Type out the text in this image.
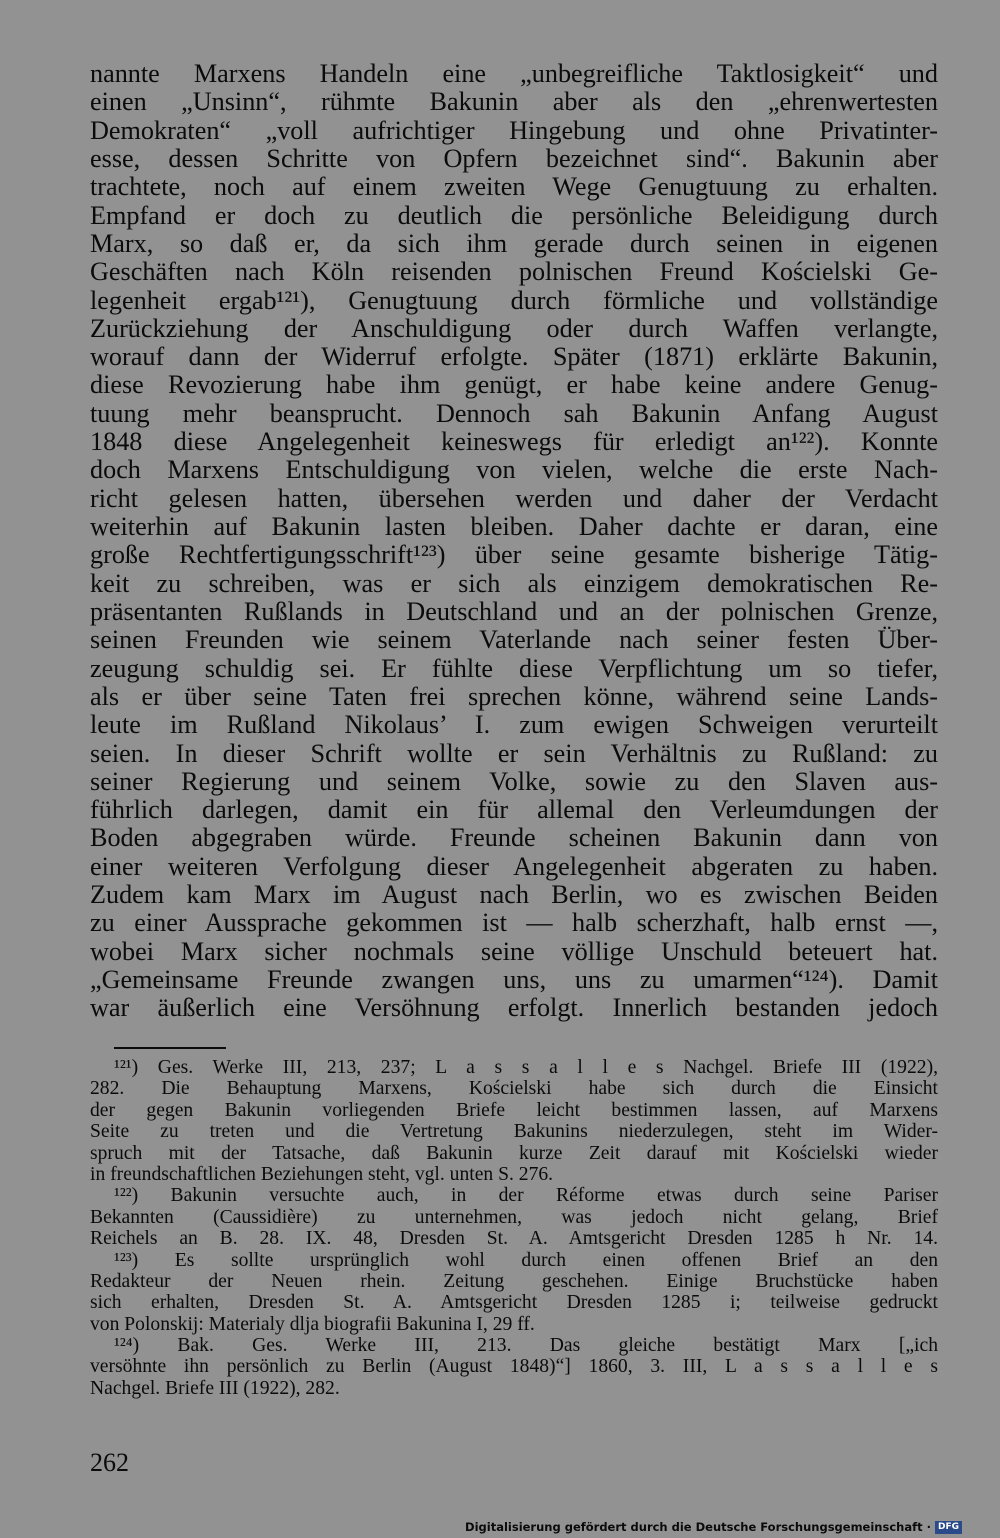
nannte Marxens Handeln eine „unbegreifliche Taktlosigkeit“ und
einen „Unsinn“, rühmte Bakunin aber als den „ehrenwertesten
Demokraten“ „voll aufrichtiger Hingebung und ohne Privatinter-
esse, dessen Schritte von Opfern bezeichnet sind“. Bakunin aber
trachtete, noch auf einem zweiten Wege Genugtuung zu erhalten.
Empfand er doch zu deutlich die persönliche Beleidigung durch
Marx, so daß er, da sich ihm gerade durch seinen in eigenen
Geschäften nach Köln reisenden polnischen Freund Kościelski Ge-
legenheit ergab¹²¹), Genugtuung durch förmliche und vollständige
Zurückziehung der Anschuldigung oder durch Waffen verlangte,
worauf dann der Widerruf erfolgte. Später (1871) erklärte Bakunin,
diese Revozierung habe ihm genügt, er habe keine andere Genug-
tuung mehr beansprucht. Dennoch sah Bakunin Anfang August
1848 diese Angelegenheit keineswegs für erledigt an¹²²). Konnte
doch Marxens Entschuldigung von vielen, welche die erste Nach-
richt gelesen hatten, übersehen werden und daher der Verdacht
weiterhin auf Bakunin lasten bleiben. Daher dachte er daran, eine
große Rechtfertigungsschrift¹²³) über seine gesamte bisherige Tätig-
keit zu schreiben, was er sich als einzigem demokratischen Re-
präsentanten Rußlands in Deutschland und an der polnischen Grenze,
seinen Freunden wie seinem Vaterlande nach seiner festen Über-
zeugung schuldig sei. Er fühlte diese Verpflichtung um so tiefer,
als er über seine Taten frei sprechen könne, während seine Lands-
leute im Rußland Nikolaus’ I. zum ewigen Schweigen verurteilt
seien. In dieser Schrift wollte er sein Verhältnis zu Rußland: zu
seiner Regierung und seinem Volke, sowie zu den Slaven aus-
führlich darlegen, damit ein für allemal den Verleumdungen der
Boden abgegraben würde. Freunde scheinen Bakunin dann von
einer weiteren Verfolgung dieser Angelegenheit abgeraten zu haben.
Zudem kam Marx im August nach Berlin, wo es zwischen Beiden
zu einer Aussprache gekommen ist — halb scherzhaft, halb ernst —,
wobei Marx sicher nochmals seine völlige Unschuld beteuert hat.
„Gemeinsame Freunde zwangen uns, uns zu umarmen“¹²⁴). Damit
war äußerlich eine Versöhnung erfolgt. Innerlich bestanden jedoch
¹²¹) Ges. Werke III, 213, 237; L a s s a l l e s Nachgel. Briefe III (1922),
282. Die Behauptung Marxens, Kościelski habe sich durch die Einsicht
der gegen Bakunin vorliegenden Briefe leicht bestimmen lassen, auf Marxens
Seite zu treten und die Vertretung Bakunins niederzulegen, steht im Wider-
spruch mit der Tatsache, daß Bakunin kurze Zeit darauf mit Kościelski wieder
in freundschaftlichen Beziehungen steht, vgl. unten S. 276.
¹²²) Bakunin versuchte auch, in der Réforme etwas durch seine Pariser
Bekannten (Caussidière) zu unternehmen, was jedoch nicht gelang, Brief
Reichels an B. 28. IX. 48, Dresden St. A. Amtsgericht Dresden 1285 h Nr. 14.
¹²³) Es sollte ursprünglich wohl durch einen offenen Brief an den
Redakteur der Neuen rhein. Zeitung geschehen. Einige Bruchstücke haben
sich erhalten, Dresden St. A. Amtsgericht Dresden 1285 i; teilweise gedruckt
von Polonskij: Materialy dlja biografii Bakunina I, 29 ff.
¹²⁴) Bak. Ges. Werke III, 213. Das gleiche bestätigt Marx [„ich
versöhnte ihn persönlich zu Berlin (August 1848)“] 1860, 3. III, L a s s a l l e s
Nachgel. Briefe III (1922), 282.
262
Digitalisierung gefördert durch die Deutsche Forschungsgemeinschaft · DFG
